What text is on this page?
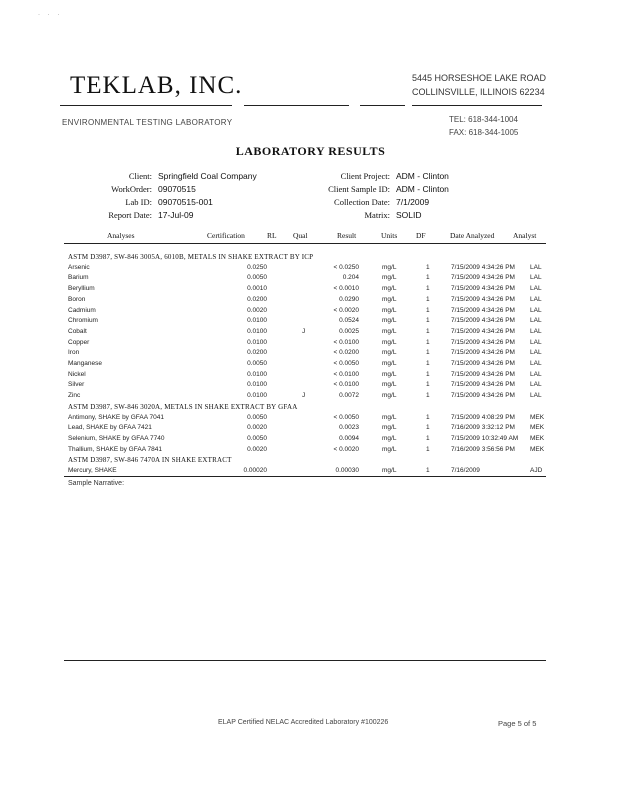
· · ·
TEKLAB, INC.	5445 HORSESHOE LAKE ROAD
COLLINSVILLE, ILLINOIS 62234
ENVIRONMENTAL TESTING LABORATORY	TEL: 618-344-1004
FAX: 618-344-1005
LABORATORY RESULTS
Client: Springfield Coal Company
WorkOrder: 09070515
Lab ID: 09070515-001
Report Date: 17-Jul-09
Client Project: ADM - Clinton
Client Sample ID: ADM - Clinton
Collection Date: 7/1/2009
Matrix: SOLID
Analyses	Certification	RL Qual	Result	Units DF	Date Analyzed Analyst
ASTM D3987, SW-846 3005A, 6010B, METALS IN SHAKE EXTRACT BY ICP
Arsenic	0.0250	< 0.0250	mg/L	1	7/15/2009 4:34:26 PM LAL
Barium	0.0050	0.204	mg/L	1	7/15/2009 4:34:26 PM LAL
Beryllium	0.0010	< 0.0010	mg/L	1	7/15/2009 4:34:26 PM LAL
Boron	0.0200	0.0290	mg/L	1	7/15/2009 4:34:26 PM LAL
Cadmium	0.0020	< 0.0020	mg/L	1	7/15/2009 4:34:26 PM LAL
Chromium	0.0100	0.0524	mg/L	1	7/15/2009 4:34:26 PM LAL
Cobalt	0.0100	J	0.0025	mg/L	1	7/15/2009 4:34:26 PM LAL
Copper	0.0100	< 0.0100	mg/L	1	7/15/2009 4:34:26 PM LAL
Iron	0.0200	< 0.0200	mg/L	1	7/15/2009 4:34:26 PM LAL
Manganese	0.0050	< 0.0050	mg/L	1	7/15/2009 4:34:26 PM LAL
Nickel	0.0100	< 0.0100	mg/L	1	7/15/2009 4:34:26 PM LAL
Silver	0.0100	< 0.0100	mg/L	1	7/15/2009 4:34:26 PM LAL
Zinc	0.0100	J	0.0072	mg/L	1	7/15/2009 4:34:26 PM LAL
ASTM D3987, SW-846 3020A, METALS IN SHAKE EXTRACT BY GFAA
Antimony, SHAKE by GFAA 7041	0.0050	< 0.0050	mg/L	1	7/15/2009 4:08:29 PM MEK
Lead, SHAKE by GFAA 7421	0.0020	0.0023	mg/L	1	7/16/2009 3:32:12 PM MEK
Selenium, SHAKE by GFAA 7740	0.0050	0.0094	mg/L	1	7/15/2009 10:32:49 AM MEK
Thallium, SHAKE by GFAA 7841	0.0020	< 0.0020	mg/L	1	7/16/2009 3:56:56 PM MEK
ASTM D3987, SW-846 7470A IN SHAKE EXTRACT
Mercury, SHAKE	0.00020	0.00030	mg/L	1	7/16/2009	AJD
Sample Narrative:
ELAP Certified NELAC Accredited Laboratory #100226	Page 5 of 5
